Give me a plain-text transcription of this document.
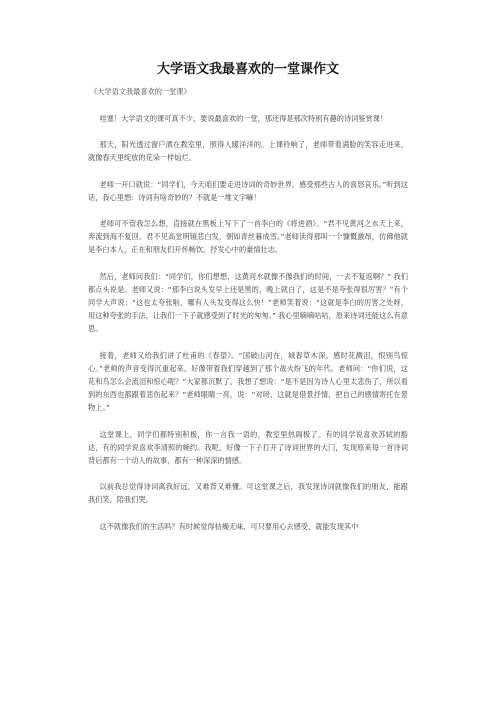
大学语文我最喜欢的一堂课作文
《大学语文我最喜欢的一堂课》

哇塞！大学语文的课可真不少，要说最喜欢的一堂，那还得是那次特别有趣的诗词鉴赏课！

那天，阳光透过窗户洒在教室里，照得人暖洋洋的。上课铃响了，老师带着满脸的笑容走进来，就像春天里绽放的花朵一样灿烂。

老师一开口就说：“同学们，今天咱们要走进诗词的奇妙世界，感受那些古人的喜怒哀乐。”听到这话，我心里想：诗词有啥奇妙的？不就是一堆文字嘛！

老师可不管我怎么想，直接就在黑板上写下了一首李白的《将进酒》。“君不见黄河之水天上来，奔流到海不复回。君不见高堂明镜悲白发，朝如青丝暮成雪。”老师读得那叫一个慷慨激昂，仿佛他就是李白本人，正在和朋友们开怀畅饮，抒发心中的豪情壮志。

然后，老师问我们：“同学们，你们想想，这黄河水就像不像我们的时间，一去不复返啊？” 我们都点头说是。老师又说：“那李白说头发早上还是黑的，晚上就白了，这是不是夸张得很厉害？”有个同学大声说：“这也太夸张啦，哪有人头发变得这么快！”老师笑着说：“这就是李白的厉害之处呀，用这种夸张的手法，让我们一下子就感受到了时光的匆匆。” 我心里嘀嘀咕咕，原来诗词还能这么有意思。

接着，老师又给我们讲了杜甫的《春望》。“国破山河在，城春草木深。感时花溅泪，恨别鸟惊心。”老师的声音变得沉重起来，好像带着我们穿越到了那个战火纷飞的年代。老师问：“你们说，这花和鸟怎么会流泪和惊心呢？”大家都沉默了，我想了想说：“是不是因为诗人心里太悲伤了，所以看到的东西也都跟着悲伤起来？”老师眼睛一亮，说：“对呀，这就是借景抒情，把自己的感情寄托在景物上。”

这堂课上，同学们都特别积极，你一言我一语的，教室里热闹极了。有的同学说喜欢苏轼的豁达，有的同学说喜欢李清照的婉约。我呢，好像一下子打开了诗词世界的大门，发现原来每一首诗词背后都有一个动人的故事，都有一种深深的情感。

以前我总觉得诗词离我好远，又难背又难懂。可这堂课之后，我发现诗词就像我们的朋友，能跟我们笑，陪我们哭。

这不就像我们的生活吗？有时候觉得枯燥无味，可只要用心去感受，就能发现其中
